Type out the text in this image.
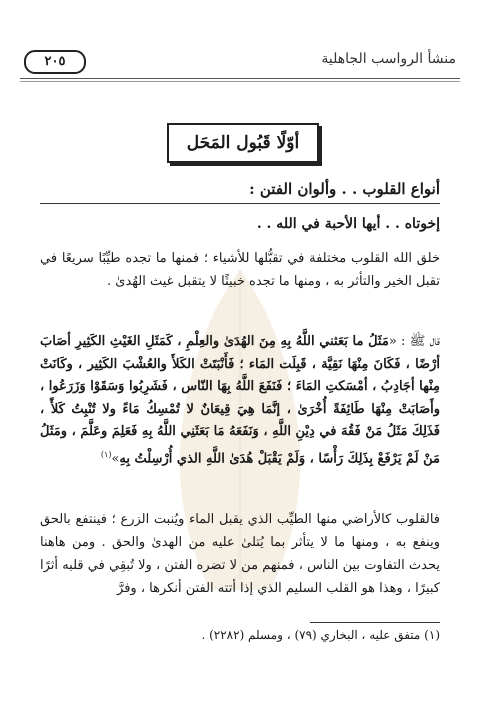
منشأ الرواسب الجاهلية
٢٠٥
أوّلًا قَبُول المَحَل
أنواع القلوب . . وألوان الفتن :
إخوتاه . . أيها الأحبة في الله . .

خلق الله القلوب مختلفة في تقبُّلها للأشياء ؛ فمنها ما تجده طيِّبًا سريعًا في تقبل الخير والتأثر به ، ومنها ما تجده خبيثًا لا يتقبل غيث الهُدىٰ .

قال ﷺ : «مَثَلُ ما بَعَثني اللَّهُ بِهِ مِنَ الهُدَىٰ والعِلْمِ ، كَمَثَلِ الغَيْثِ الكَثِيرِ أصَابَ أرْضًا ، فَكَانَ مِنْهَا نَقِيَّة ، قَبِلَت المَاء ؛ فَأَنْبَتَتْ الكَلأَ والعُشْبَ الكَثِير ، وكَانَتْ مِنْها أجَادِبُ ، أمْسَكتِ المَاءَ ؛ فَنَفَعَ اللَّهُ بِهَا النّاس ، فَشَرِبُوا وَسَقَوْا وَزَرَعُوا ، وأَصَابَتْ مِنْهَا طَائِفَةً أُخْرَىٰ ، إنَّمَا هِيَ قِيعَانٌ لا تُمْسِكُ مَاءً ولا تُنْبِتُ كَلأً ، فَذَلِكَ مَثَلُ مَنْ فَقُهَ في دِيْنِ اللَّهِ ، وَنَفَعَهُ مَا بَعَثَنِي اللَّهُ بِهِ فَعَلِمَ وعَلَّمَ ، ومَثَلُ مَنْ لَمْ يَرْفَعْ بِذَلِكَ رَأْسًا ، وَلَمْ يَقْبَلْ هُدَىٰ اللَّهِ الذي أُرْسِلْتُ بِهِ»$^{(١)}$

فالقلوب كالأراضي منها الطيِّب الذي يقبل الماء ويُنبت الزرع ؛ فينتفع بالحق وينفع به ، ومنها ما لا يتأثر بما يُتلىٰ عليه من الهدىٰ والحق . ومن هاهنا يحدث التفاوت بين الناس ، فمنهم من لا تضره الفتن ، ولا تُبقِي في قلبه أثرًا كبيرًا ، وهذا هو القلب السليم الذي إذا أتته الفتن أنكرها ، وفرَّ

(١) متفق عليه ، البخاري (٧٩) ، ومسلم (٢٢٨٢) .
